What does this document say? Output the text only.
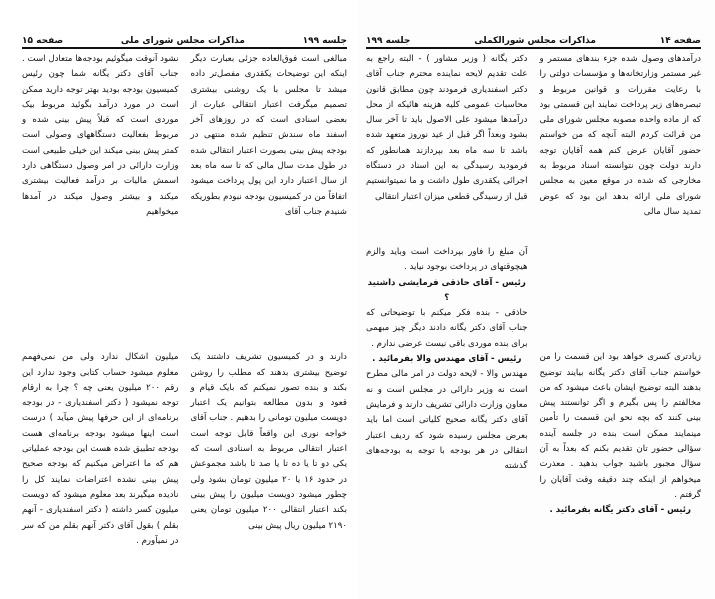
صفحه ۱۵	مذاکرات مجلس شورای ملی	جلسه ۱۹۹

مبالغی است فوق‌العاده جزئی بعبارت دیگر اینکه این توضیحات یکقدری مفصل‌تر داده میشد تا مجلس با یک روشنی بیشتری تصمیم میگرفت اعتبار انتقالی عبارت از بعضی اسنادی است که در روزهای آخر اسفند ماه سند‌ش تنظیم شده منتهی در بودجه پیش بینی بصورت اعتبار انتقالی شده در طول مدت سال مالی که تا سه ماه بعد از سال اعتبار دارد این پول پرداخت میشود اتفاقاً من در کمیسیون بودجه نبودم بطوریکه شنیدم جناب آقای

دارند و در کمیسیون تشریف داشتند یک توضیح بیشتری بدهند که مطلب را روشن بکند و بنده تصور نمیکنم که بایک قیام و قعود و بدون مطالعه بتوانیم یک اعتبار دویست میلیون تومانی را بدهیم . جناب آقای خواجه نوری این واقعاً قابل توجه است اعتبار انتقالی مربوط به اسنادی است که یکی دو تا یا ده تا یا صد تا باشد مجموعش در حدود ۱۶ یا ۲۰ میلیون تومان بشود ولی چطور میشود دویست میلیون را پیش بینی بکند اعتبار انتقالی ۲۰۰ میلیون تومان یعنی ۲۱۹۰ میلیون ریال پیش بینی

نشود آنوقت میگوئیم بودجه‌ها متعادل است . جناب آقای دکتر یگانه شما چون رئیس کمیسیون بودجه بودید بهتر توجه دارید ممکن است در مورد درآمد بگوئید مربوط بیک موردی است که قبلاً پیش بینی شده و مربوط بفعالیت دستگاههای وصولی است کمتر پیش بینی میکند این خیلی طبیعی است وزارت دارائی در امر وصول دستگاهی دارد اسمش مالیات بر درآمد فعالیت بیشتری میکند و بیشتر وصول میکند در آمد‌ها میخواهیم

میلیون اشکال ندارد ولی من نمی‌فهمم معلوم میشود حساب کتابی وجود ندارد این رقم ۲۰۰ میلیون یعنی چه ؟ چرا به ارقام توجه نمیشود ( دکتر اسفندیاری - در بودجه برنامه‌ای از این حرفها پیش میآید ) درست است اینها میشود بودجه برنامه‌ای هست بودجه تطبیق شده هست این بودجه عملیاتی هم که ما اعتراض میکنیم که بودجه صحیح پیش بینی نشده اعتراضات نمایند کل را نادیده میگیرند بعد معلوم میشود که دویست میلیون کسر داشته ( دکتر اسفندیاری - آنهم بقلم ) بقول آقای دکتر آنهم بقلم من که سر در نمیآورم .

جلسه ۱۹۹	مذاکرات مجلس شورالکملی	صفحه ۱۴

درآمدهای وصول شده جزء بندهای مستمر و غیر مستمر وزارتخانه‌ها و مؤسسات دولتی را با رعایت مقررات و قوانین مربوط و تبصره‌های زیر پرداخت نمایند این قسمتی بود که از ماده واحده مصوبه مجلس شورای ملی من قرائت کردم البته آنچه که من خواستم حضور آقایان عرض کنم همه آقایان توجه دارند دولت چون نتوانسته اسناد مربوط به مخارجی که شده در موقع معین به مجلس شورای ملی ارائه بدهد این بود که عوض تمدید سال مالی

زیادتری کسری خواهد بود این قسمت را من خواستم جناب آقای دکتر یگانه بیایند توضیح بدهند البته توضیح ایشان باعث میشود که من مخالفتم را پس بگیرم و اگر توانستند پیش بینی کنند که بچه نحو این قسمت را تأمین مینمایند ممکن است بنده در جلسه آینده سؤالی حضور تان تقدیم بکنم که بعداً به آن سؤال مجبور باشید جواب بدهید . معذرت میخواهم از اینکه چند دقیقه وقت آقایان را گرفتم .

رئیس - آقای دکتر یگانه بفرمائید .

دکتر یگانه ( وزیر مشاور ) - البته راجع به علت تقدیم لایحه نماینده محترم جناب آقای دکتر اسفندیاری فرمودند چون مطابق قانون محاسبات عمومی کلیه هزینه هائیکه از محل درآمدها میشود علی الاصول باید تا آخر سال بشود وبعداً اگر قبل از عید نوروز متعهد شده باشد تا سه ماه بعد بپردازند همانطور که فرمودید رسیدگی به این اسناد در دستگاه اجرائی یکقدری طول داشت و ما نمیتوانستیم قبل از رسیدگی قطعی میزان اعتبار انتقالی

آن مبلغ را فاور بپرداخت است وباید والزم هیچوقتهای در پرداخت بوجود نیاید .

رئیس - آقای حاذقی فرمایشی داشتید ؟

حاذقی - بنده فکر میکنم با توضیحاتی که جناب آقای دکتر یگانه دادند دیگر چیز مبهمی برای بنده موردی باقی نیست عرضی ندارم .

رئیس - آقای مهندس والا بفرمائید .

مهندس والا - لایحه دولت در امر مالی مطرح است نه وزیر دارائی در مجلس است و نه معاون وزارت دارائی تشریف دارند و فرمایش آقای دکتر یگانه صحیح کلیاتی است اما باید بعرض مجلس رسیده شود که ردیف اعتبار انتقالی در هر بودجه با توجه به بودجه‌های گذشته
